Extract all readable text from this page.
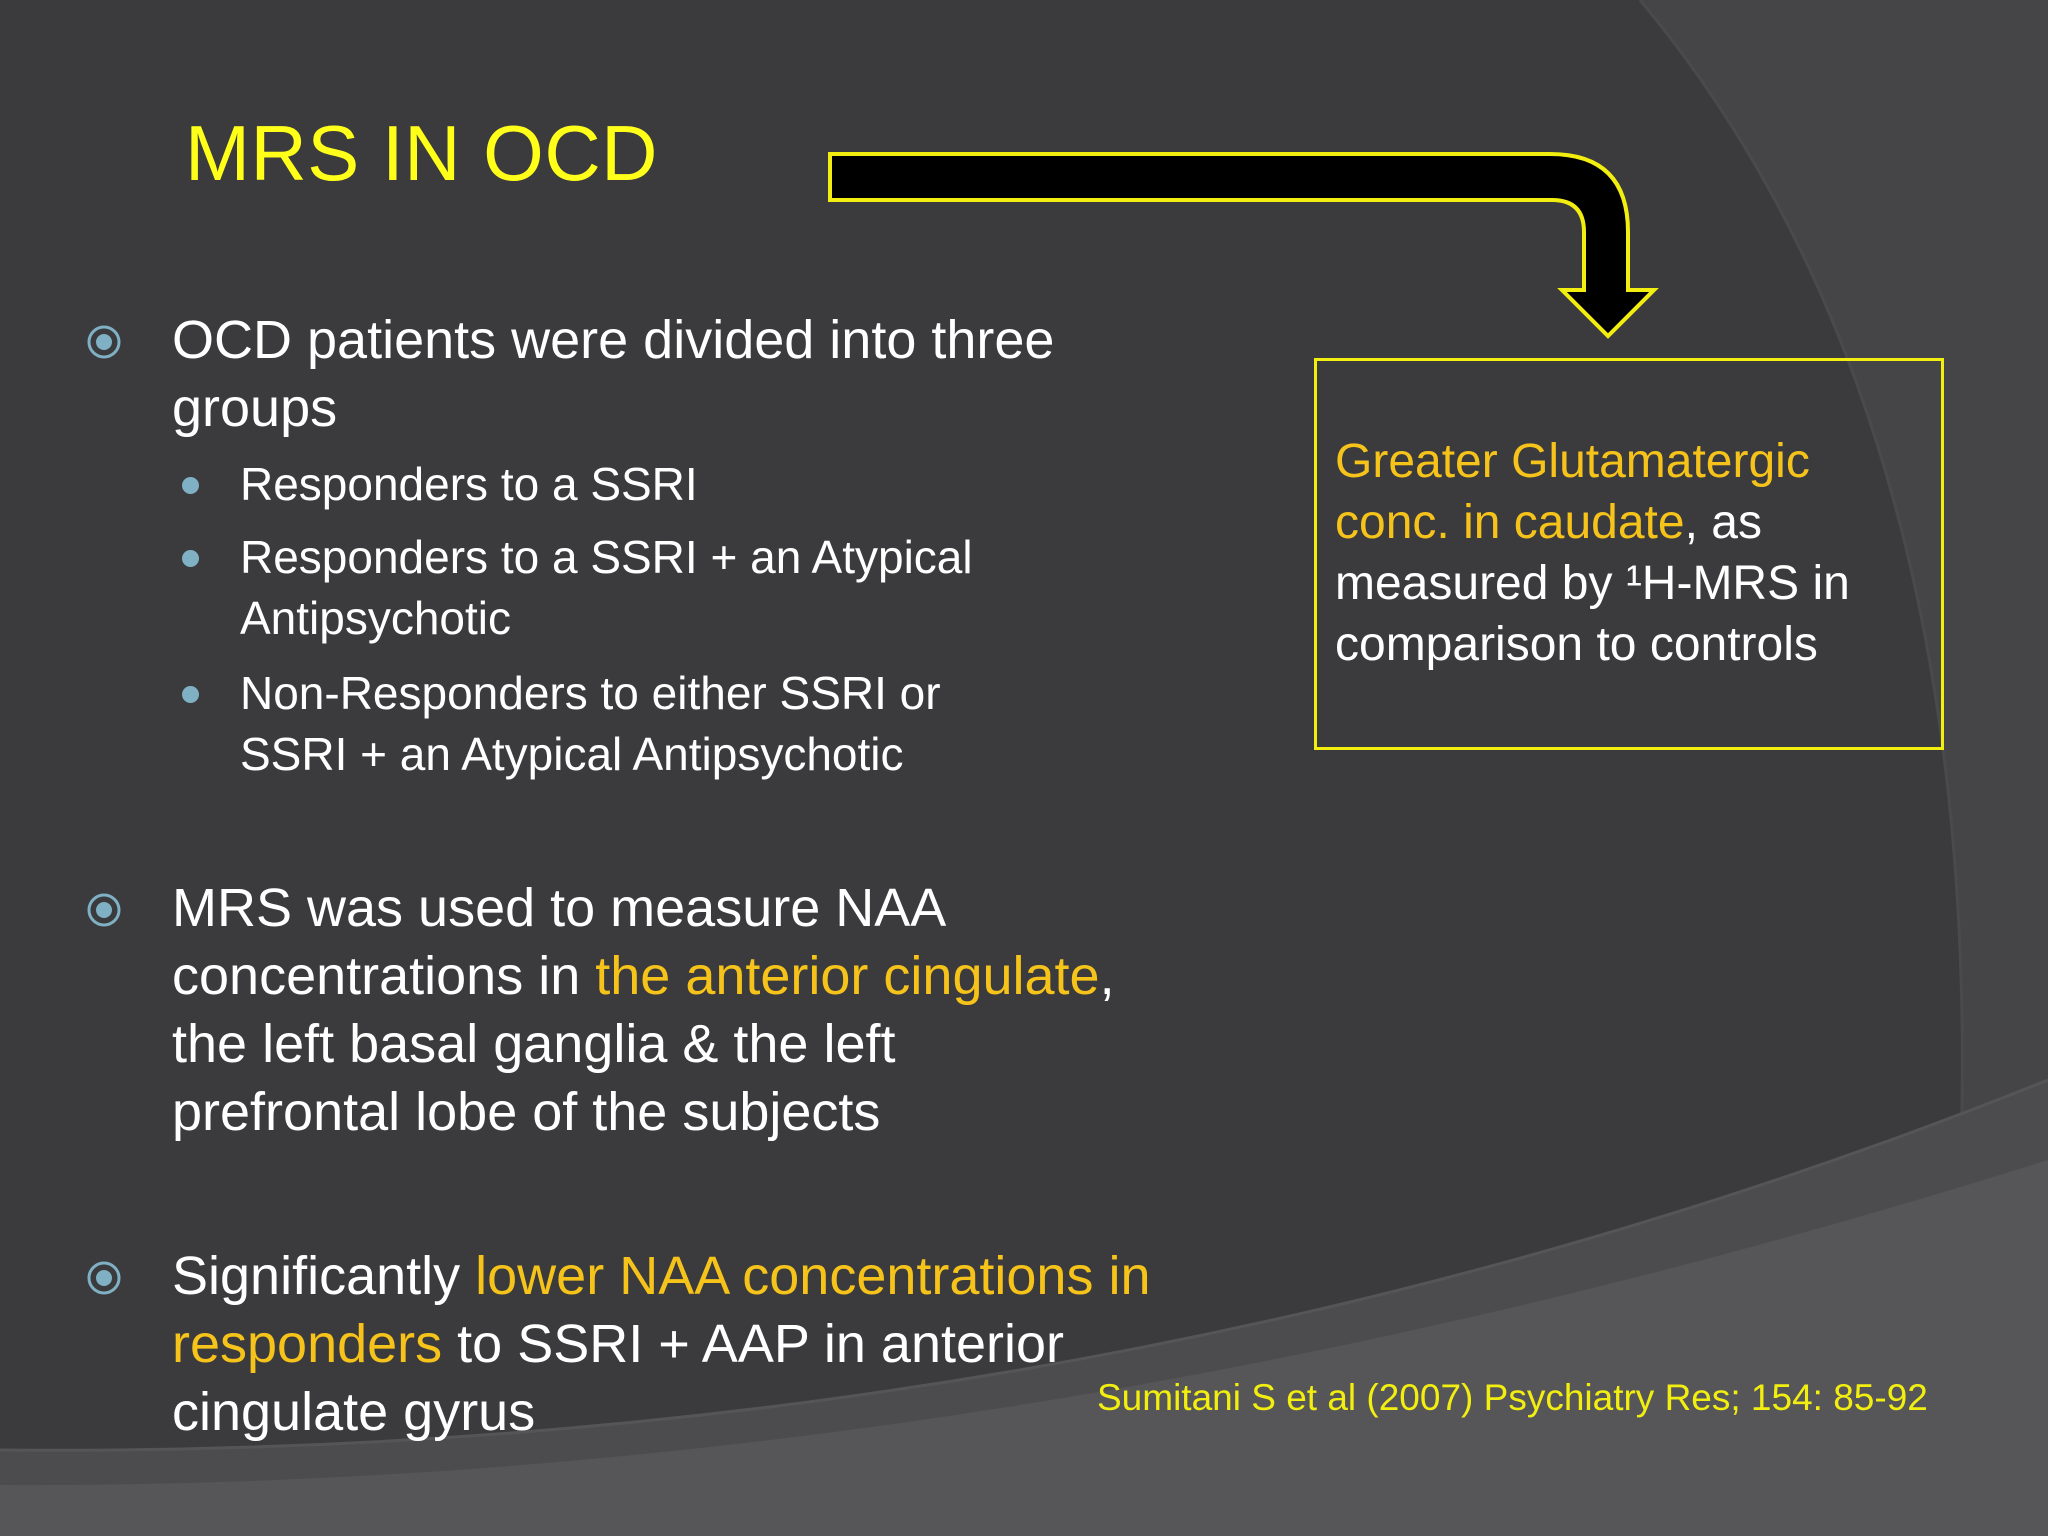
MRS IN OCD
OCD patients were divided into three groups
Responders to a SSRI
Responders to a SSRI + an Atypical Antipsychotic
Non-Responders to either SSRI or SSRI + an Atypical Antipsychotic
MRS was used to measure NAA concentrations in the anterior cingulate, the left basal ganglia & the left prefrontal lobe of the subjects
Significantly lower NAA concentrations in responders to SSRI + AAP in anterior cingulate gyrus
Greater Glutamatergic conc. in caudate, as measured by ¹H-MRS in comparison to controls
Sumitani S et al (2007) Psychiatry Res; 154: 85-92
